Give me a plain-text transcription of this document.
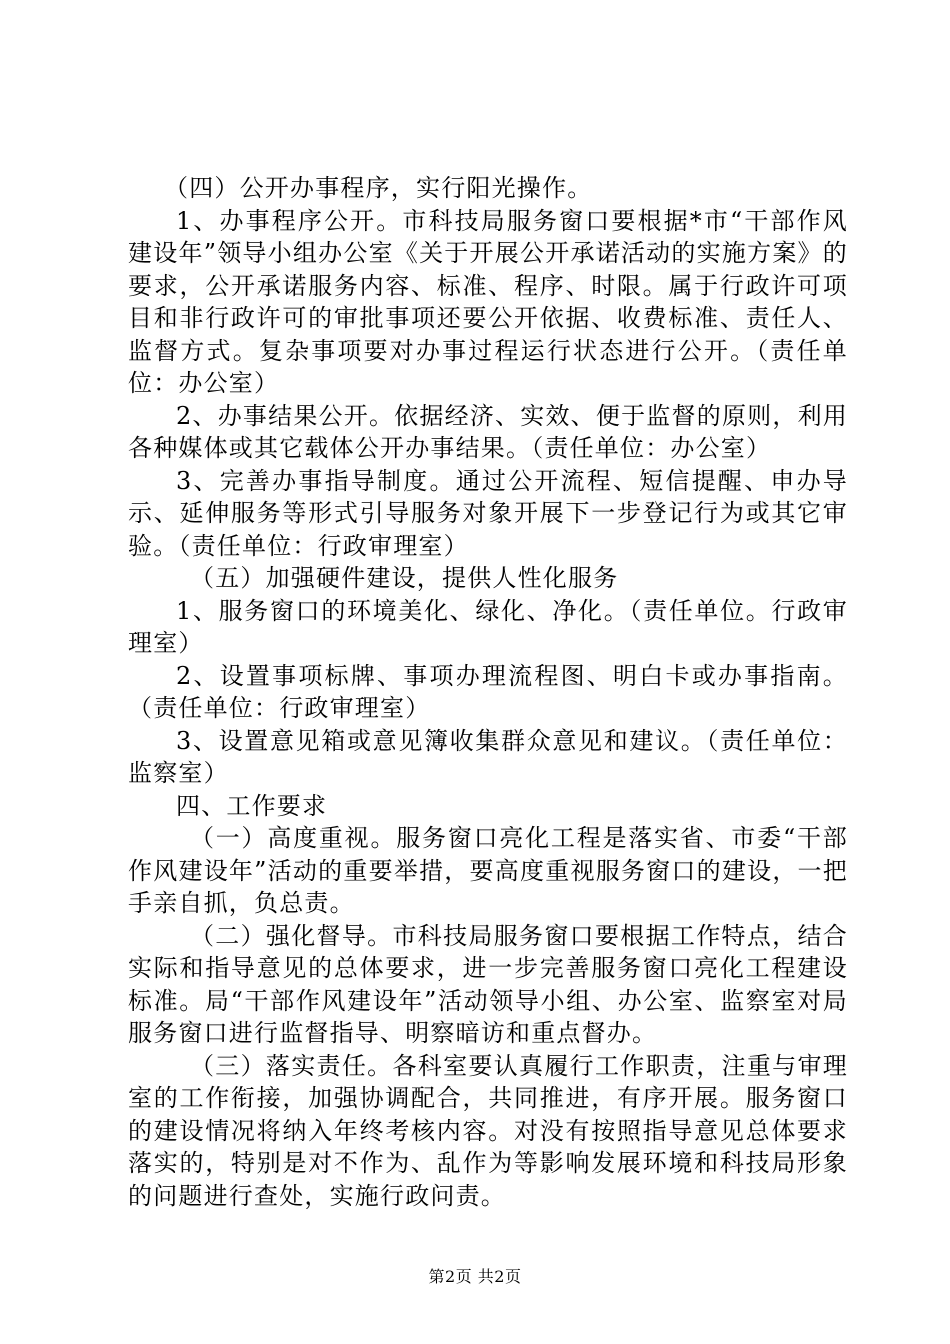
（四）公开办事程序，实行阳光操作。

1、办事程序公开。市科技局服务窗口要根据*市“干部作风建设年”领导小组办公室《关于开展公开承诺活动的实施方案》的要求，公开承诺服务内容、标准、程序、时限。属于行政许可项目和非行政许可的审批事项还要公开依据、收费标准、责任人、监督方式。复杂事项要对办事过程运行状态进行公开。（责任单位：办公室）

2、办事结果公开。依据经济、实效、便于监督的原则，利用各种媒体或其它载体公开办事结果。（责任单位：办公室）

3、完善办事指导制度。通过公开流程、短信提醒、申办导示、延伸服务等形式引导服务对象开展下一步登记行为或其它审验。（责任单位：行政审理室）

（五）加强硬件建设，提供人性化服务

1、服务窗口的环境美化、绿化、净化。（责任单位。行政审理室）

2、设置事项标牌、事项办理流程图、明白卡或办事指南。（责任单位：行政审理室）

3、设置意见箱或意见簿收集群众意见和建议。（责任单位：监察室）

四、工作要求

（一）高度重视。服务窗口亮化工程是落实省、市委“干部作风建设年”活动的重要举措，要高度重视服务窗口的建设，一把手亲自抓，负总责。

（二）强化督导。市科技局服务窗口要根据工作特点，结合实际和指导意见的总体要求，进一步完善服务窗口亮化工程建设标准。局“干部作风建设年”活动领导小组、办公室、监察室对局服务窗口进行监督指导、明察暗访和重点督办。

（三）落实责任。各科室要认真履行工作职责，注重与审理室的工作衔接，加强协调配合，共同推进，有序开展。服务窗口的建设情况将纳入年终考核内容。对没有按照指导意见总体要求落实的，特别是对不作为、乱作为等影响发展环境和科技局形象的问题进行查处，实施行政问责。

第2页 共2页
